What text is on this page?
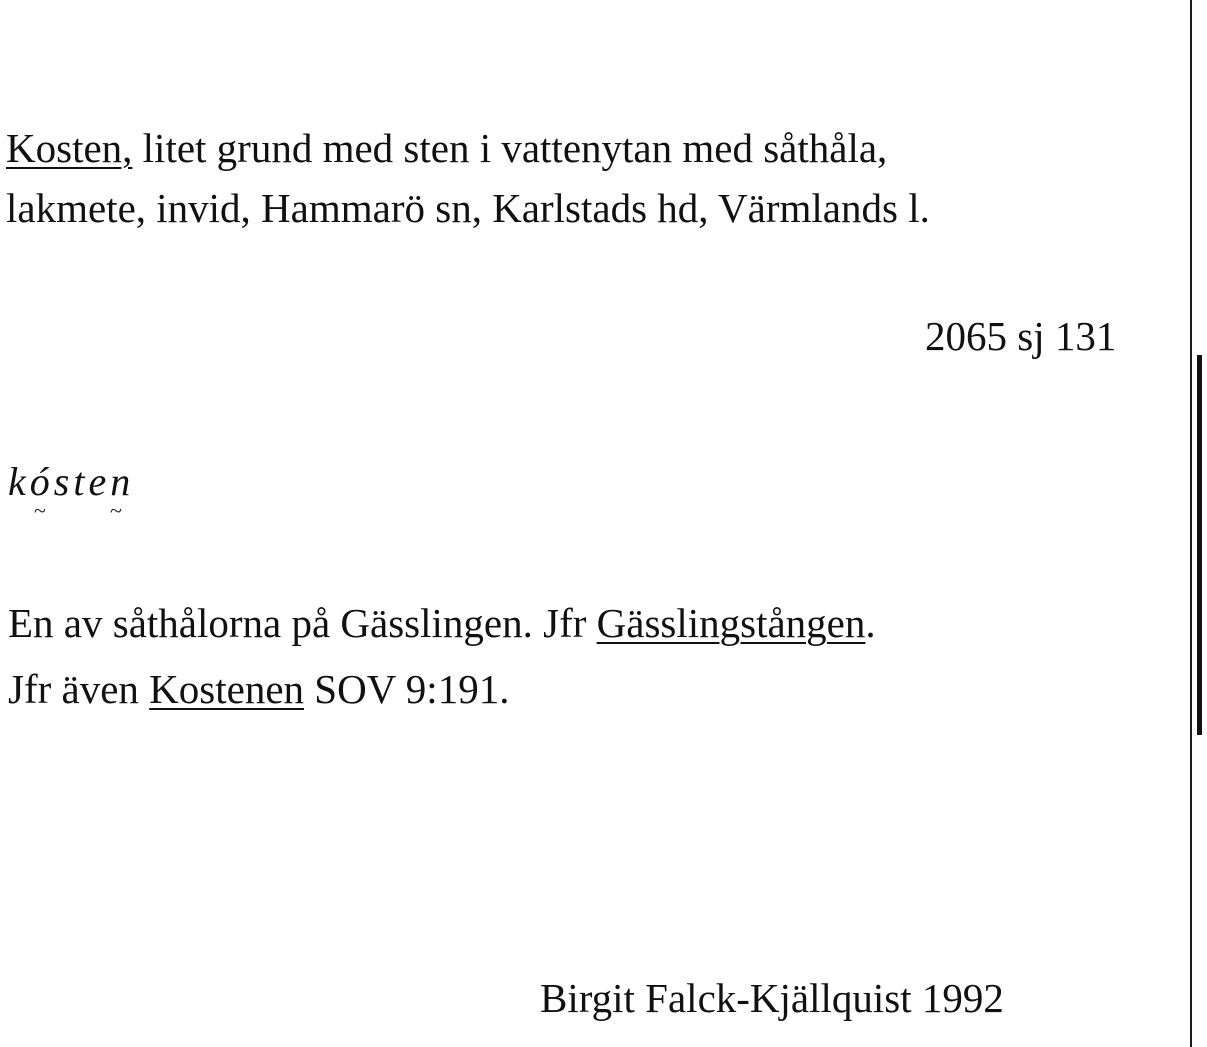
Kosten, litet grund med sten i vattenytan med såthåla,
lakmete, invid, Hammarö sn, Karlstads hd, Värmlands l.
2065 sj 131
kósten
~	~
En av såthålorna på Gässlingen. Jfr Gässlingstången.
Jfr även Kostenen SOV 9:191.
Birgit Falck-Kjällquist 1992
